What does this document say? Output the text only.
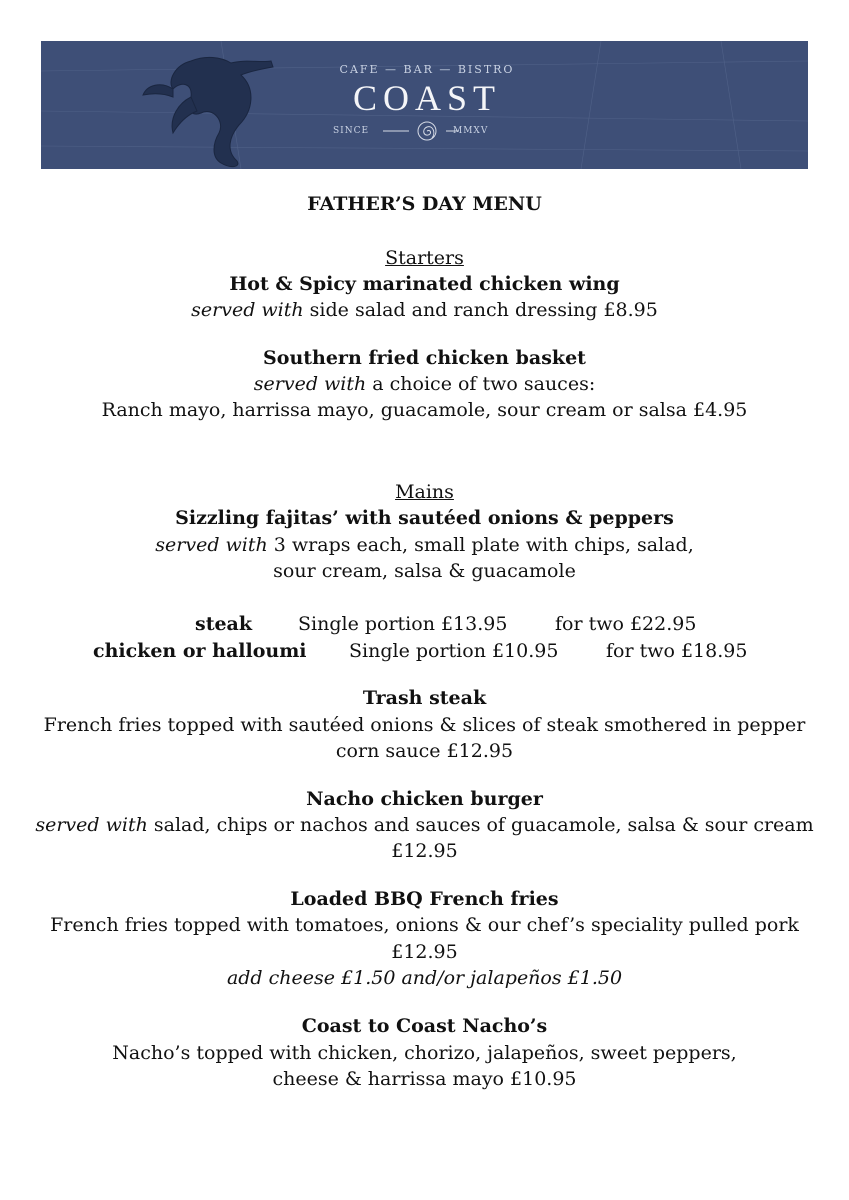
CAFE — BAR — BISTRO
COAST
SINCE	MMXV
FATHER’S DAY MENU
Starters
Hot & Spicy marinated chicken wing
served with side salad and ranch dressing £8.95
Southern fried chicken basket
served with a choice of two sauces:
Ranch mayo, harrissa mayo, guacamole, sour cream or salsa £4.95
Mains
Sizzling fajitas’ with sautéed onions & peppers
served with 3 wraps each, small plate with chips, salad,
sour cream, salsa & guacamole
steak Single portion £13.95	for two £22.95
chicken or halloumi Single portion £10.95	for two £18.95
Trash steak
French fries topped with sautéed onions & slices of steak smothered in pepper
corn sauce £12.95
Nacho chicken burger
served with salad, chips or nachos and sauces of guacamole, salsa & sour cream
£12.95
Loaded BBQ French fries
French fries topped with tomatoes, onions & our chef’s speciality pulled pork
£12.95
add cheese £1.50 and/or jalapeños £1.50
Coast to Coast Nacho’s
Nacho’s topped with chicken, chorizo, jalapeños, sweet peppers,
cheese & harrissa mayo £10.95
